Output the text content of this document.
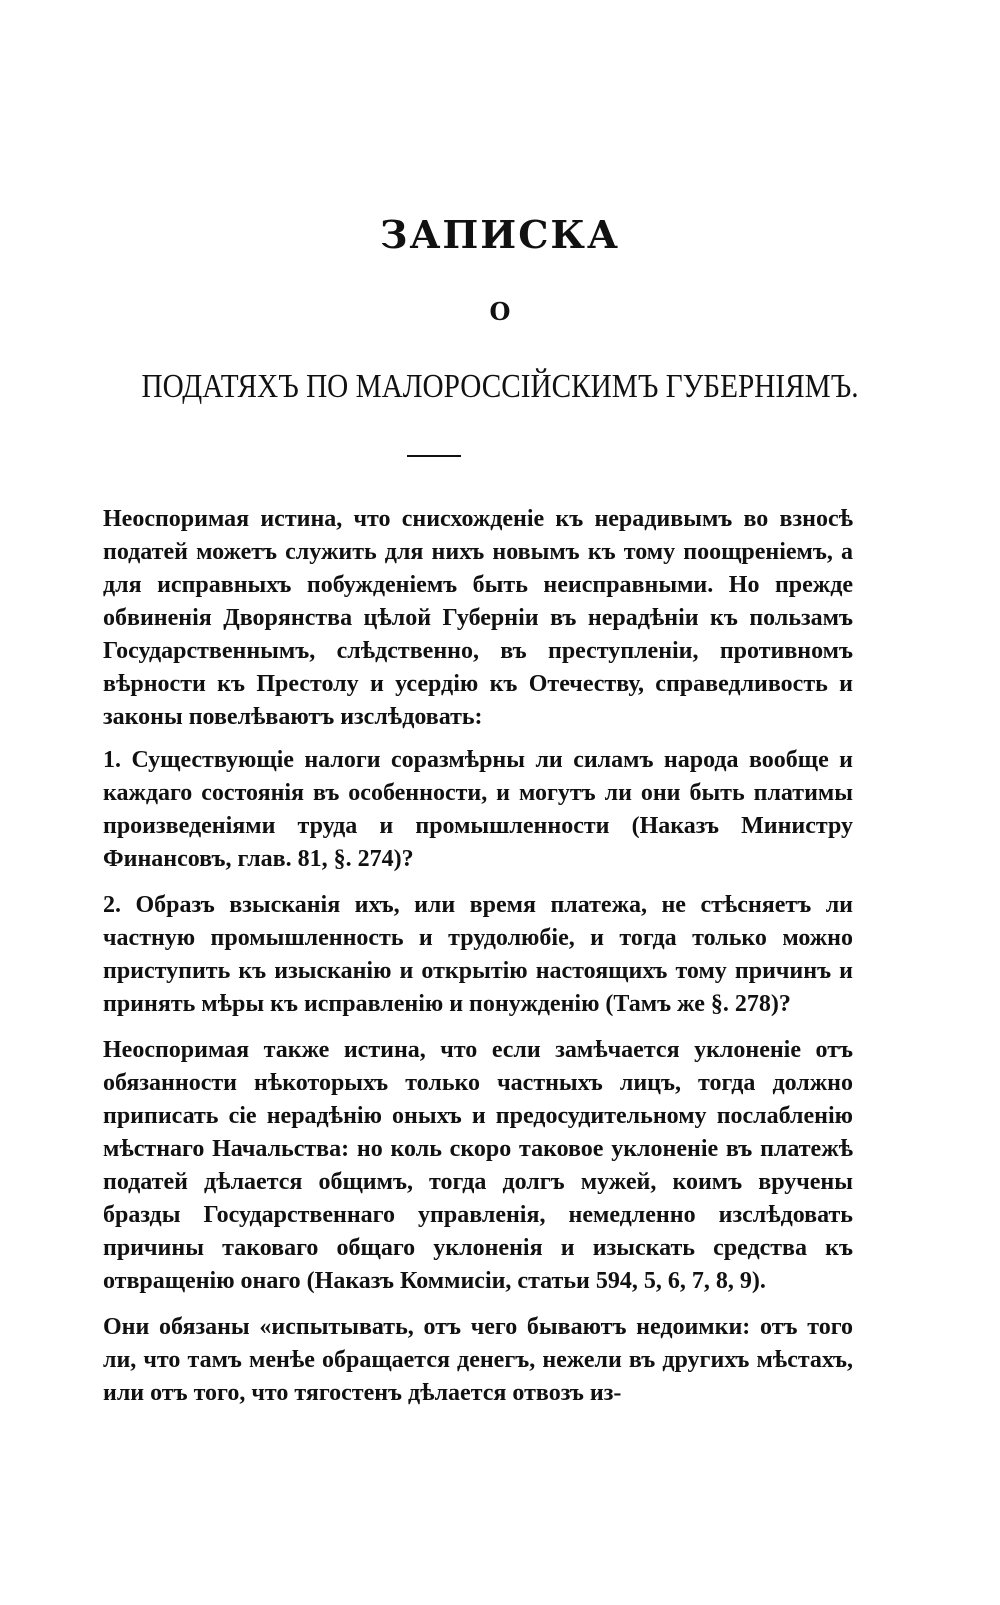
ЗАПИСКА
О
ПОДАТЯХЪ ПО МАЛОРОССІЙСКИМЪ ГУБЕРНІЯМЪ.

Неоспоримая истина, что снисхожденіе къ нерадивымъ во взносѣ податей можетъ служить для нихъ новымъ къ тому поощреніемъ, а для исправныхъ побужденіемъ быть неисправными. Но прежде обвиненія Дворянства цѣлой Губерніи въ нерадѣніи къ пользамъ Государственнымъ, слѣдственно, въ преступленіи, противномъ вѣрности къ Престолу и усердію къ Отечеству, справедливость и законы повелѣваютъ изслѣдовать:

1. Существующіе налоги соразмѣрны ли силамъ народа вообще и каждаго состоянія въ особенности, и могутъ ли они быть платимы произведеніями труда и промышленности (Наказъ Министру Финансовъ, глав. 81, §. 274)?

2. Образъ взысканія ихъ, или время платежа, не стѣсняетъ ли частную промышленность и трудолюбіе, и тогда только можно приступить къ изысканію и открытію настоящихъ тому причинъ и принять мѣры къ исправленію и понужденію (Тамъ же §. 278)?

Неоспоримая также истина, что если замѣчается уклоненіе отъ обязанности нѣкоторыхъ только частныхъ лицъ, тогда должно приписать сіе нерадѣнію оныхъ и предосудительному послабленію мѣстнаго Начальства: но коль скоро таковое уклоненіе въ платежѣ податей дѣлается общимъ, тогда долгъ мужей, коимъ вручены бразды Государственнаго управленія, немедленно изслѣдовать причины таковаго общаго уклоненія и изыскать средства къ отвращенію онаго (Наказъ Коммисіи, статьи 594, 5, 6, 7, 8, 9).

Они обязаны «испытывать, отъ чего бываютъ недоимки: отъ того ли, что тамъ менѣе обращается денегъ, нежели въ другихъ мѣстахъ, или отъ того, что тягостенъ дѣлается отвозъ из-
